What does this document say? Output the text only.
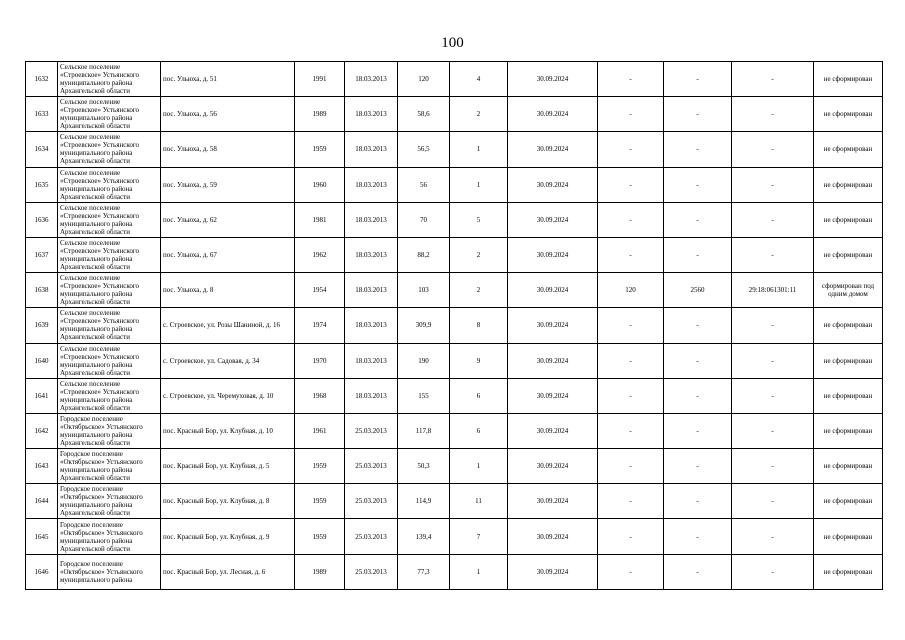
100
1632	Сельское поселение «Строевское» Устьянского муниципального района Архангельской области	пос. Ульюха, д. 51	1991	18.03.2013	120	4	30.09.2024	-	-	-	не сформирован

1633	Сельское поселение «Строевское» Устьянского муниципального района Архангельской области	пос. Ульюха, д. 56	1989	18.03.2013	58,6	2	30.09.2024	-	-	-	не сформирован

1634	Сельское поселение «Строевское» Устьянского муниципального района Архангельской области	пос. Ульюха, д. 58	1959	18.03.2013	56,5	1	30.09.2024	-	-	-	не сформирован

1635	Сельское поселение «Строевское» Устьянского муниципального района Архангельской области	пос. Ульюха, д. 59	1960	18.03.2013	56	1	30.09.2024	-	-	-	не сформирован

1636	Сельское поселение «Строевское» Устьянского муниципального района Архангельской области	пос. Ульюха, д. 62	1981	18.03.2013	70	5	30.09.2024	-	-	-	не сформирован

1637	Сельское поселение «Строевское» Устьянского муниципального района Архангельской области	пос. Ульюха, д. 67	1962	18.03.2013	88,2	2	30.09.2024	-	-	-	не сформирован

1638	Сельское поселение «Строевское» Устьянского муниципального района Архангельской области	пос. Ульюха, д. 8	1954	18.03.2013	103	2	30.09.2024	120	2560	29:18:061301:11	сформирован под одним домом

1639	Сельское поселение «Строевское» Устьянского муниципального района Архангельской области	с. Строевское, ул. Розы Шаниной, д. 16	1974	18.03.2013	309,9	8	30.09.2024	-	-	-	не сформирован

1640	Сельское поселение «Строевское» Устьянского муниципального района Архангельской области	с. Строевское, ул. Садовая, д. 34	1970	18.03.2013	190	9	30.09.2024	-	-	-	не сформирован

1641	Сельское поселение «Строевское» Устьянского муниципального района Архангельской области	с. Строевское, ул. Черемуховая, д. 10	1968	18.03.2013	155	6	30.09.2024	-	-	-	не сформирован

1642	Городское поселение «Октябрьское» Устьянского муниципального района Архангельской области	пос. Красный Бор, ул. Клубная, д. 10	1961	25.03.2013	117,8	6	30.09.2024	-	-	-	не сформирован

1643	Городское поселение «Октябрьское» Устьянского муниципального района Архангельской области	пос. Красный Бор, ул. Клубная, д. 5	1959	25.03.2013	50,3	1	30.09.2024	-	-	-	не сформирован

1644	Городское поселение «Октябрьское» Устьянского муниципального района Архангельской области	пос. Красный Бор, ул. Клубная, д. 8	1959	25.03.2013	114,9	11	30.09.2024	-	-	-	не сформирован

1645	Городское поселение «Октябрьское» Устьянского муниципального района Архангельской области	пос. Красный Бор, ул. Клубная, д. 9	1959	25.03.2013	139,4	7	30.09.2024	-	-	-	не сформирован

1646	Городское поселение «Октябрьское» Устьянского муниципального района	пос. Красный Бор, ул. Лесная, д. 6	1989	25.03.2013	77,3	1	30.09.2024	-	-	-	не сформирован
